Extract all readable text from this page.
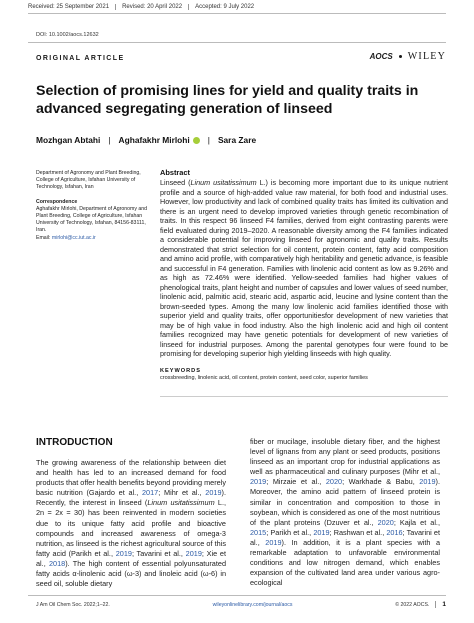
Received: 25 September 2021	Revised: 20 April 2022	Accepted: 9 July 2022
DOI: 10.1002/aocs.12632
ORIGINAL ARTICLE	AOCS WILEY
Selection of promising lines for yield and quality traits in advanced segregating generation of linseed
Mozhgan Abtahi | Aghafakhr Mirlohi	| Sara Zare
Department of Agronomy and Plant Breeding, College of Agriculture, Isfahan University of Technology, Isfahan, Iran
Correspondence
Aghafakhr Mirlohi, Department of Agronomy and Plant Breeding, College of Agriculture, Isfahan University of Technology, Isfahan, 84156-83111, Iran.
Email: mirlohi@cc.iut.ac.ir
Abstract
Linseed (Linum usitatissimum L.) is becoming more important due to its unique nutrient profile and a source of high-added value raw material, for both food and industrial uses. However, low productivity and lack of combined quality traits has limited its cultivation and there is an urgent need to develop improved varieties through genetic recombination of traits. In this respect 96 linseed F4 families, derived from eight contrasting parents were field evaluated during 2019–2020. A reasonable diversity among the F4 families indicated a considerable potential for improving linseed for agronomic and quality traits. Results demonstrated that strict selection for oil content, protein content, fatty acid composition and amino acid profile, with comparatively high heritability and genetic advance, is feasible and successful in F4 generation. Families with linolenic acid content as low as 9.26% and as high as 72.46% were identified. Yellow-seeded families had higher values of phenological traits, plant height and number of capsules and lower values of seed number, linolenic acid, palmitic acid, stearic acid, aspartic acid, leucine and lysine content than the brown-seeded types. Among the many low linolenic acid families identified those with superior yield and quality traits, offer opportunitiesfor development of new varieties that may be of high value in food industry. Also the high linolenic acid and high oil content families recognized may have genetic potentials for development of new varieties of linseed for industrial purposes. Among the parental genotypes four were found to be promising for developing superior high yielding linseeds with high quality.
KEYWORDS
crossbreeding, linolenic acid, oil content, protein content, seed color, superior families
INTRODUCTION
The growing awareness of the relationship between diet and health has led to an increased demand for food products that offer health benefits beyond providing merely basic nutrition (Gajardo et al., 2017; Mihr et al., 2019). Recently, the interest in linseed (Linum usitatissimum L., 2n = 2x = 30) has been reinvented in modern societies due to its unique fatty acid profile and bioactive compounds and increased awareness of omega-3 nutrition, as linseed is the richest agricultural source of this fatty acid (Parikh et al., 2019; Tavarini et al., 2019; Xie et al., 2018). The high content of essential polyunsaturated fatty acids α-linolenic acid (ω-3) and linoleic acid (ω-6) in seed oil, soluble dietary
fiber or mucilage, insoluble dietary fiber, and the highest level of lignans from any plant or seed products, positions linseed as an important crop for industrial applications as well as pharmaceutical and culinary purposes (Mihr et al., 2019; Mirzaie et al., 2020; Warkhade & Babu, 2019). Moreover, the amino acid pattern of linseed protein is similar in concentration and composition to those in soybean, which is considered as one of the most nutritious of the plant proteins (Dzuver et al., 2020; Kajla et al., 2015; Parikh et al., 2019; Rashwan et al., 2016; Tavarini et al., 2019). In addition, it is a plant species with a remarkable adaptation to unfavorable environmental conditions and low nitrogen demand, which enables expansion of the cultivated land area under various agro-ecological
J Am Oil Chem Soc. 2022;1–22.	wileyonlinelibrary.com/journal/aocs	© 2022 AOCS.	1
